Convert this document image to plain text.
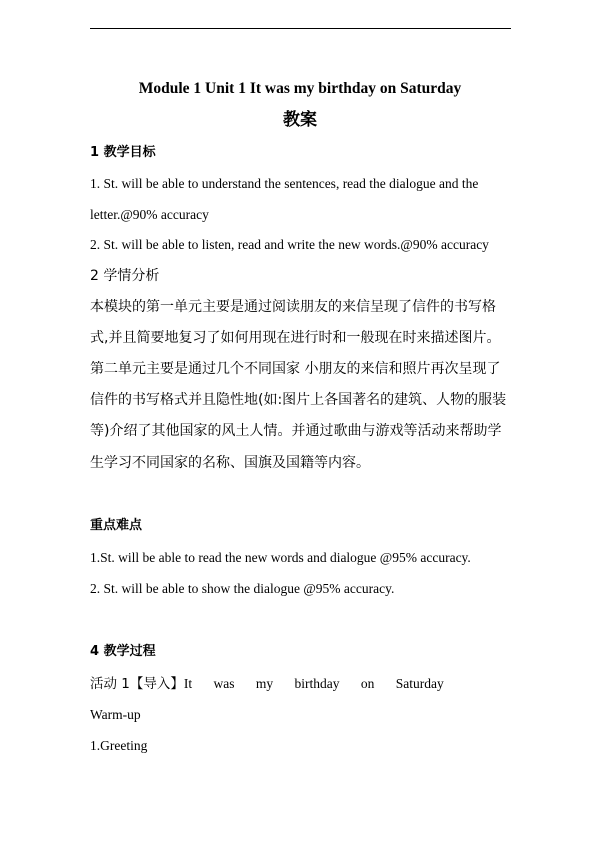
Module 1 Unit 1 It was my birthday on Saturday
教案
1 教学目标
1. St. will be able to understand the sentences, read the dialogue and the
letter.@90% accuracy
2. St. will be able to listen, read and write the new words.@90% accuracy
2 学情分析
本模块的第一单元主要是通过阅读朋友的来信呈现了信件的书写格
式,并且简要地复习了如何用现在进行时和一般现在时来描述图片。
第二单元主要是通过几个不同国家 小朋友的来信和照片再次呈现了
信件的书写格式并且隐性地(如:图片上各国著名的建筑、人物的服装
等)介绍了其他国家的风土人情。并通过歌曲与游戏等活动来帮助学
生学习不同国家的名称、国旗及国籍等内容。
重点难点
1.St. will be able to read the new words and dialogue @95% accuracy.
2. St. will be able to show the dialogue @95% accuracy.
4 教学过程
活动 1【导入】It was my birthday on Saturday
Warm-up
1.Greeting
